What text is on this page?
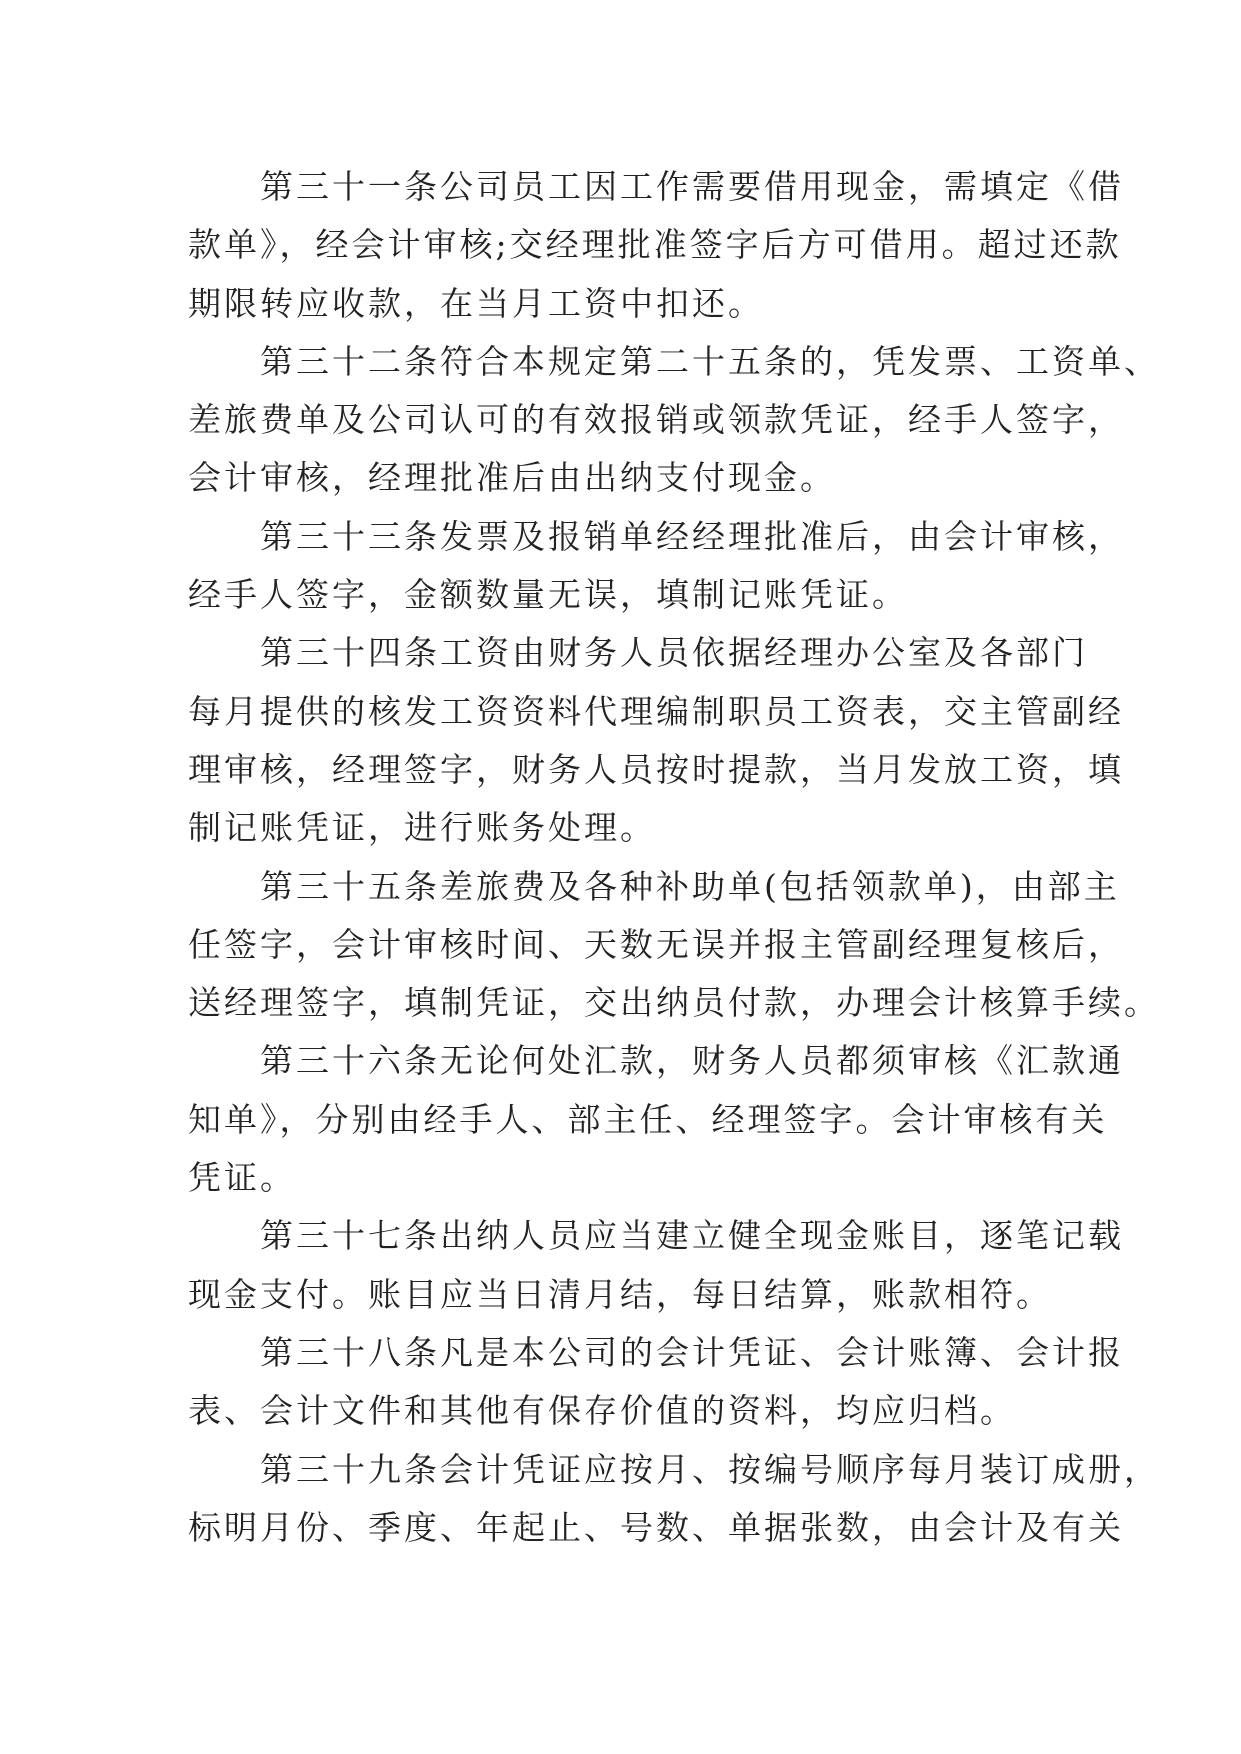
第三十一条公司员工因工作需要借用现金，需填定《借
款单》，经会计审核;交经理批准签字后方可借用。超过还款
期限转应收款，在当月工资中扣还。
第三十二条符合本规定第二十五条的，凭发票、工资单、
差旅费单及公司认可的有效报销或领款凭证，经手人签字，
会计审核，经理批准后由出纳支付现金。
第三十三条发票及报销单经经理批准后，由会计审核，
经手人签字，金额数量无误，填制记账凭证。
第三十四条工资由财务人员依据经理办公室及各部门
每月提供的核发工资资料代理编制职员工资表，交主管副经
理审核，经理签字，财务人员按时提款，当月发放工资，填
制记账凭证，进行账务处理。
第三十五条差旅费及各种补助单(包括领款单)，由部主
任签字，会计审核时间、天数无误并报主管副经理复核后，
送经理签字，填制凭证，交出纳员付款，办理会计核算手续。
第三十六条无论何处汇款，财务人员都须审核《汇款通
知单》，分别由经手人、部主任、经理签字。会计审核有关
凭证。
第三十七条出纳人员应当建立健全现金账目，逐笔记载
现金支付。账目应当日清月结，每日结算，账款相符。
第三十八条凡是本公司的会计凭证、会计账簿、会计报
表、会计文件和其他有保存价值的资料，均应归档。
第三十九条会计凭证应按月、按编号顺序每月装订成册，
标明月份、季度、年起止、号数、单据张数，由会计及有关
